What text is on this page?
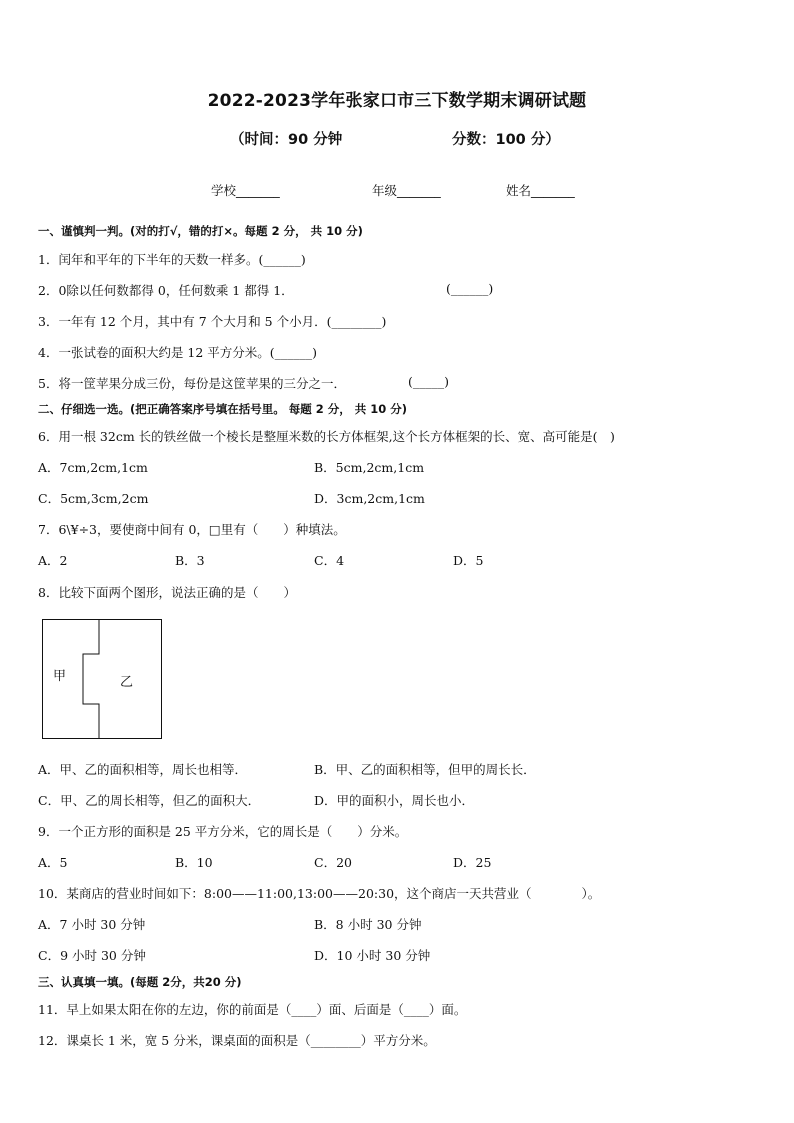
2022-2023学年张家口市三下数学期末调研试题
（时间：90 分钟	分数：100 分）
学校_______	年级_______	姓名_______
一、谨慎判一判。(对的打√，错的打×。每题 2 分， 共 10 分)
1．闰年和平年的下半年的天数一样多。(______)
2．0除以任何数都得 0，任何数乘 1 都得 1．	(______)
3．一年有 12 个月，其中有 7 个大月和 5 个小月．(________)
4．一张试卷的面积大约是 12 平方分米。(______)
5．将一筐苹果分成三份，每份是这筐苹果的三分之一．	(_____)
二、仔细选一选。(把正确答案序号填在括号里。 每题 2 分， 共 10 分)
6．用一根 32cm 长的铁丝做一个棱长是整厘米数的长方体框架,这个长方体框架的长、宽、高可能是(　)
A．7cm,2cm,1cm	B．5cm,2cm,1cm
C．5cm,3cm,2cm	D．3cm,2cm,1cm
7．6\¥÷3，要使商中间有 0，□里有（　　）种填法。
A．2	B．3	C．4	D．5
8．比较下面两个图形，说法正确的是（　　）
甲	乙
A．甲、乙的面积相等，周长也相等．	B．甲、乙的面积相等，但甲的周长长．
C．甲、乙的周长相等，但乙的面积大．	D．甲的面积小，周长也小．
9．一个正方形的面积是 25 平方分米，它的周长是（　　）分米。
A．5	B．10	C．20	D．25
10．某商店的营业时间如下：8:00——11:00,13:00——20:30，这个商店一天共营业（　　　　）。
A．7 小时 30 分钟	B．8 小时 30 分钟
C．9 小时 30 分钟	D．10 小时 30 分钟
三、认真填一填。(每题 2分，共20 分)
11．早上如果太阳在你的左边，你的前面是（____）面、后面是（____）面。
12．课桌长 1 米，宽 5 分米，课桌面的面积是（________）平方分米。
